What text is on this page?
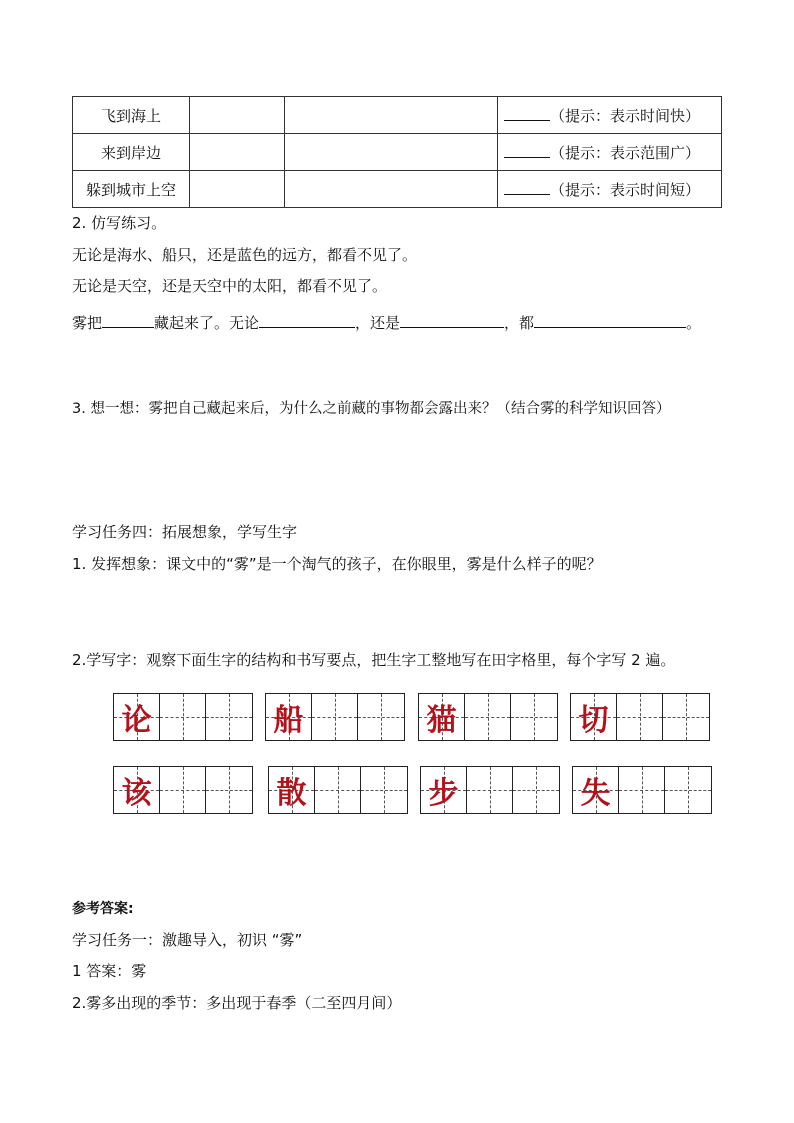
飞到海上			（提示：表示时间快）
来到岸边			（提示：表示范围广）
躲到城市上空			（提示：表示时间短）
2. 仿写练习。
无论是海水、船只，还是蓝色的远方，都看不见了。
无论是天空，还是天空中的太阳，都看不见了。
雾把	藏起来了。无论	，还是	，都	。
3. 想一想：雾把自己藏起来后，为什么之前藏的事物都会露出来？（结合雾的科学知识回答）
学习任务四：拓展想象，学写生字
1. 发挥想象：课文中的“雾”是一个淘气的孩子，在你眼里，雾是什么样子的呢？
2.学写字：观察下面生字的结构和书写要点，把生字工整地写在田字格里，每个字写 2 遍。
论	船	猫	切
该	散	步	失
参考答案:
学习任务一：激趣导入，初识 “雾”
1 答案：雾
2.雾多出现的季节：多出现于春季（二至四月间）
